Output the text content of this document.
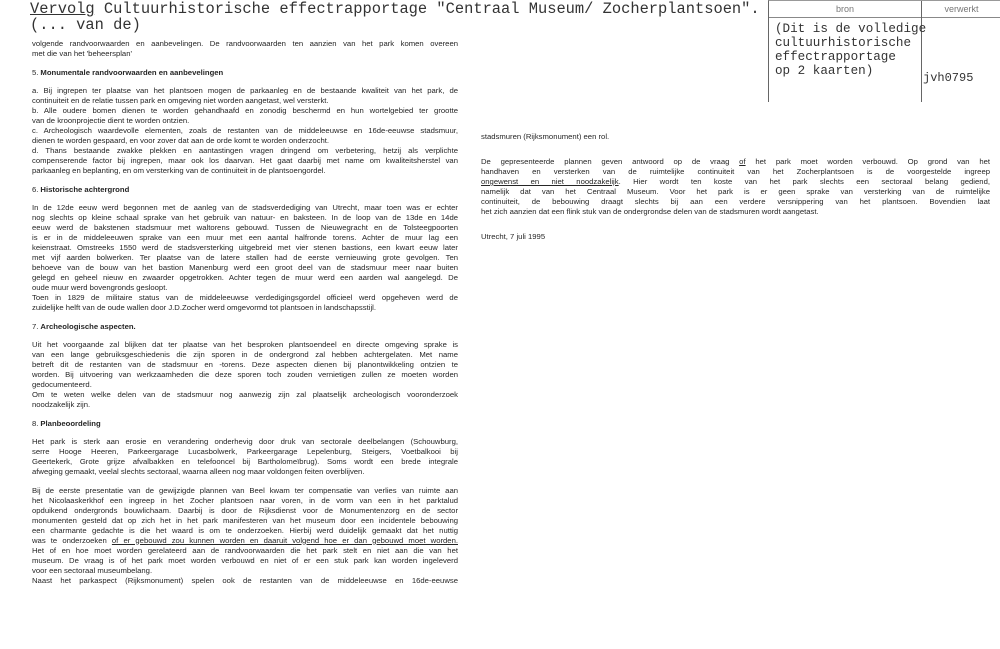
Vervolg Cultuurhistorische effectrapportage "Centraal Museum/ Zocherplantsoen".
(... van de)
bron	verwerkt
(Dit is de volledige
cultuurhistorische
effectrapportage
op 2 kaarten)	jvh0795
volgende randvoorwaarden en aanbevelingen. De randvoorwaarden ten aanzien van het park komen overeen
met die van het 'beheersplan'
5. Monumentale randvoorwaarden en aanbevelingen
a. Bij ingrepen ter plaatse van het plantsoen mogen de parkaanleg en de bestaande kwaliteit van het park, de
continuiteit en de relatie tussen park en omgeving niet worden aangetast, wel versterkt.
b. Alle oudere bomen dienen te worden gehandhaafd en zonodig beschermd en hun wortelgebied ter grootte
van de kroonprojectie dient te worden ontzien.
c. Archeologisch waardevolle elementen, zoals de restanten van de middeleeuwse en 16de-eeuwse stadsmuur,
dienen te worden gespaard, en voor zover dat aan de orde komt te worden onderzocht.
d. Thans bestaande zwakke plekken en aantastingen vragen dringend om verbetering, hetzij als verplichte
compenserende factor bij ingrepen, maar ook los daarvan. Het gaat daarbij met name om kwaliteitsherstel van
parkaanleg en beplanting, en om versterking van de continuiteit in de plantsoengordel.
6. Historische achtergrond
In de 12de eeuw werd begonnen met de aanleg van de stadsverdediging van Utrecht, maar toen was er echter
nog slechts op kleine schaal sprake van het gebruik van natuur- en baksteen. In de loop van de 13de en 14de
eeuw werd de bakstenen stadsmuur met waltorens gebouwd. Tussen de Nieuwegracht en de Tolsteegpoorten
is er in de middeleeuwen sprake van een muur met een aantal halfronde torens. Achter de muur lag een
keienstraat. Omstreeks 1550 werd de stadsversterking uitgebreid met vier stenen bastions, een kwart eeuw later
met vijf aarden bolwerken. Ter plaatse van de latere stallen had de eerste vernieuwing grote gevolgen. Ten
behoeve van de bouw van het bastion Manenburg werd een groot deel van de stadsmuur meer naar buiten
gelegd en geheel nieuw en zwaarder opgetrokken. Achter tegen de muur werd een aarden wal aangelegd. De
oude muur werd bovengronds gesloopt.
Toen in 1829 de militaire status van de middeleeuwse verdedigingsgordel officieel werd opgeheven werd de
zuidelijke helft van de oude wallen door J.D.Zocher werd omgevormd tot plantsoen in landschapsstijl.
7. Archeologische aspecten.
Uit het voorgaande zal blijken dat ter plaatse van het besproken plantsoendeel en directe omgeving sprake is
van een lange gebruiksgeschiedenis die zijn sporen in de ondergrond zal hebben achtergelaten. Met name
betreft dit de restanten van de stadsmuur en -torens. Deze aspecten dienen bij planontwikkeling ontzien te
worden. Bij uitvoering van werkzaamheden die deze sporen toch zouden vernietigen zullen ze moeten worden
gedocumenteerd.
Om te weten welke delen van de stadsmuur nog aanwezig zijn zal plaatselijk archeologisch vooronderzoek
noodzakelijk zijn.
8. Planbeoordeling
Het park is sterk aan erosie en verandering onderhevig door druk van sectorale deelbelangen (Schouwburg,
serre Hooge Heeren, Parkeergarage Lucasbolwerk, Parkeergarage Lepelenburg, Steigers, Voetbalkooi bij
Geertekerk, Grote grijze afvalbakken en telefooncel bij Bartholomeïbrug). Soms wordt een brede integrale
afweging gemaakt, veelal slechts sectoraal, waarna alleen nog maar voldongen feiten overblijven.
Bij de eerste presentatie van de gewijzigde plannen van Beel kwam ter compensatie van verlies van ruimte aan
het Nicolaaskerkhof een ingreep in het Zocher plantsoen naar voren, in de vorm van een in het parktalud
opduikend ondergronds bouwlichaam. Daarbij is door de Rijksdienst voor de Monumentenzorg en de sector
monumenten gesteld dat op zich het in het park manifesteren van het museum door een incidentele bebouwing
een charmante gedachte is die het waard is om te onderzoeken. Hierbij werd duidelijk gemaakt dat het nuttig
was te onderzoeken of er gebouwd zou kunnen worden en daaruit volgend hoe er dan gebouwd moet worden.
Het of en hoe moet worden gerelateerd aan de randvoorwaarden die het park stelt en niet aan die van het
museum. De vraag is of het park moet worden verbouwd en niet of er een stuk park kan worden ingeleverd
voor een sectoraal museumbelang.
Naast het parkaspect (Rijksmonument) spelen ook de restanten van de middeleeuwse en 16de-eeuwse
stadsmuren (Rijksmonument) een rol.
De gepresenteerde plannen geven antwoord op de vraag of het park moet worden verbouwd. Op grond van het
handhaven en versterken van de ruimtelijke continuiteit van het Zocherplantsoen is de voorgestelde ingreep
ongewenst en niet noodzakelijk. Hier wordt ten koste van het park slechts een sectoraal belang gediend,
namelijk dat van het Centraal Museum. Voor het park is er geen sprake van versterking van de ruimtelijke
continuiteit, de bebouwing draagt slechts bij aan een verdere versnippering van het plantsoen. Bovendien laat
het zich aanzien dat een flink stuk van de ondergrondse delen van de stadsmuren wordt aangetast.
Utrecht, 7 juli 1995
